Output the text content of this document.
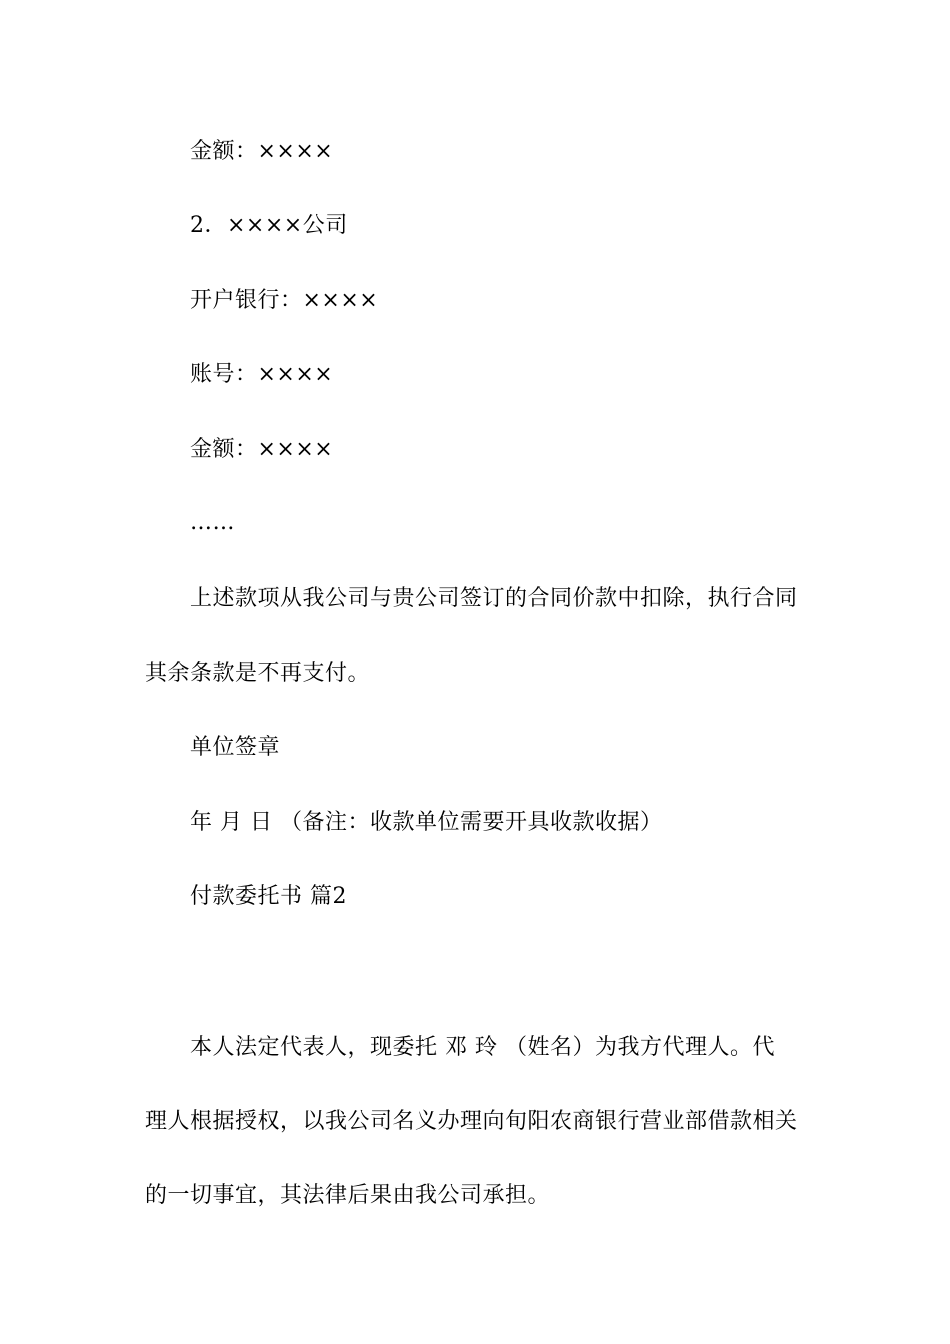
金额：××××
2．××××公司
开户银行：××××
账号：××××
金额：××××
……
上述款项从我公司与贵公司签订的合同价款中扣除，执行合同
其余条款是不再支付。
单位签章
年 月 日 （备注：收款单位需要开具收款收据）
付款委托书 篇2
本人法定代表人，现委托 邓 玲 （姓名）为我方代理人。代
理人根据授权，以我公司名义办理向旬阳农商银行营业部借款相关
的一切事宜，其法律后果由我公司承担。
